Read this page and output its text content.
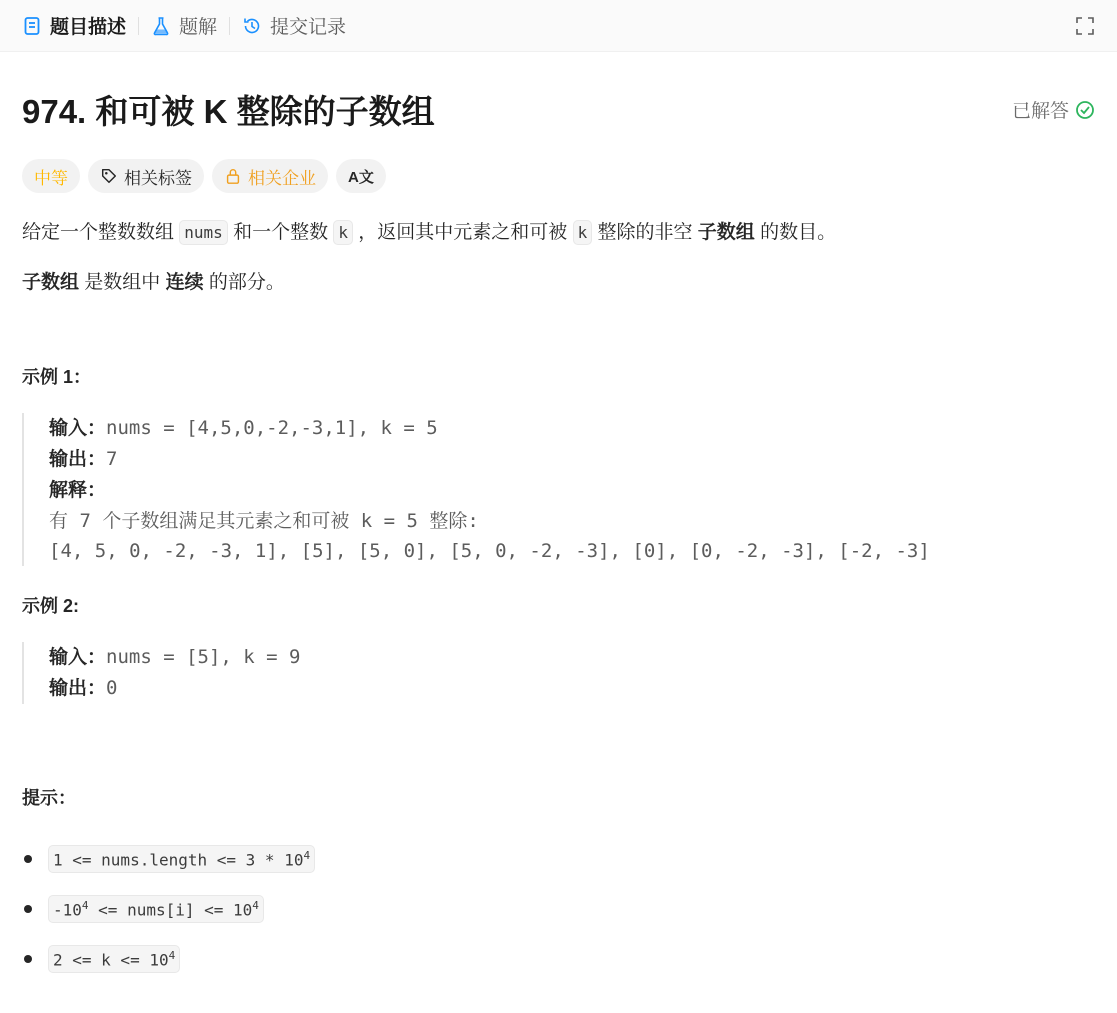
题目描述	题解	提交记录
974. 和可被 K 整除的子数组	已解答
中等	相关标签	相关企业 A文
给定一个整数数组 nums 和一个整数 k ，返回其中元素之和可被 k 整除的非空 子数组 的数目。
子数组 是数组中 连续 的部分。
示例 1：
输入：nums = [4,5,0,-2,-3,1], k = 5
输出：7
解释：
有 7 个子数组满足其元素之和可被 k = 5 整除:
[4, 5, 0, -2, -3, 1], [5], [5, 0], [5, 0, -2, -3], [0], [0, -2, -3], [-2, -3]
示例 2:
输入：nums = [5], k = 9
输出：0
提示：
1 <= nums.length <= $3 * 10^4$
$-10^4$ <= nums[i] <= $10^4$
$2 <= k <= 10^4$
